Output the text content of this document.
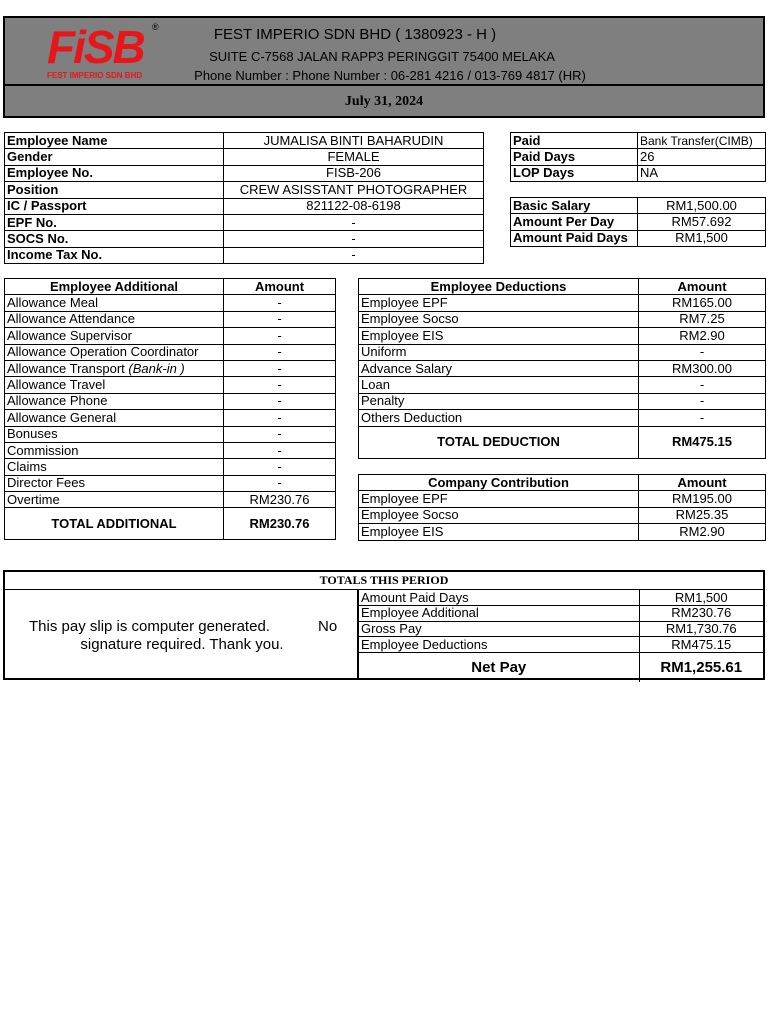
FiSB
FEST IMPERIO SDN BHD
®	FEST IMPERIO SDN BHD ( 1380923 - H )
SUITE C-7568 JALAN RAPP3 PERINGGIT 75400 MELAKA
Phone Number : Phone Number : 06-281 4216 / 013-769 4817 (HR)
July 31, 2024
Employee Name	JUMALISA BINTI BAHARUDIN
Gender	FEMALE
Employee No.	FISB-206
Position	CREW ASISSTANT PHOTOGRAPHER
IC / Passport	821122-08-6198
EPF No.	-
SOCS No.	-
Income Tax No.	-
Paid	Bank Transfer(CIMB)
Paid Days	26
LOP Days	NA
Basic Salary	RM1,500.00
Amount Per Day	RM57.692
Amount Paid Days	RM1,500
Employee Additional	Amount
Allowance Meal	-
Allowance Attendance	-
Allowance Supervisor	-
Allowance Operation Coordinator	-
Allowance Transport (Bank-in )	-
Allowance Travel	-
Allowance Phone	-
Allowance General	-
Bonuses	-
Commission	-
Claims	-
Director Fees	-
Overtime	RM230.76
TOTAL ADDITIONAL	RM230.76
Employee Deductions	Amount
Employee EPF	RM165.00
Employee Socso	RM7.25
Employee EIS	RM2.90
Uniform	-
Advance Salary	RM300.00
Loan	-
Penalty	-
Others Deduction	-
TOTAL DEDUCTION	RM475.15
Company Contribution	Amount
Employee EPF	RM195.00
Employee Socso	RM25.35
Employee EIS	RM2.90
TOTALS THIS PERIOD
This pay slip is computer generated.	No
signature required. Thank you.
Amount Paid Days	RM1,500
Employee Additional	RM230.76
Gross Pay	RM1,730.76
Employee Deductions	RM475.15
Net Pay	RM1,255.61
